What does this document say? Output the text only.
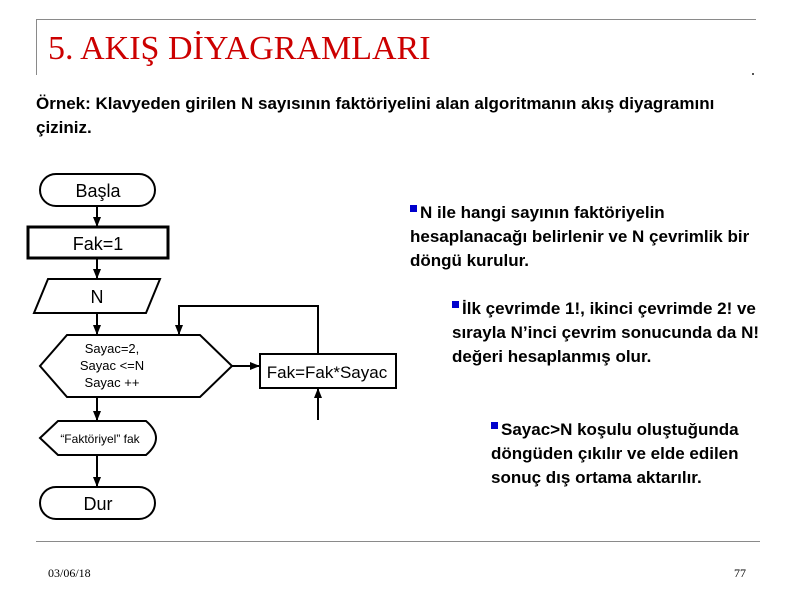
5. AKIŞ DİYAGRAMLARI
Örnek: Klavyeden girilen N sayısının faktöriyelini alan algoritmanın akış diyagramını çiziniz.
Başla
Fak=1
N
Sayac=2,
Sayac <=N
Sayac ++
Fak=Fak*Sayac
“Faktöriyel” fak
Dur
N ile hangi sayının faktöriyelin hesaplanacağı belirlenir ve N çevrimlik bir döngü kurulur.
İlk çevrimde 1!, ikinci çevrimde 2! ve sırayla N’inci çevrim sonucunda da N! değeri hesaplanmış olur.
Sayac>N koşulu oluştuğunda döngüden çıkılır ve elde edilen sonuç dış ortama aktarılır.
03/06/18	77
